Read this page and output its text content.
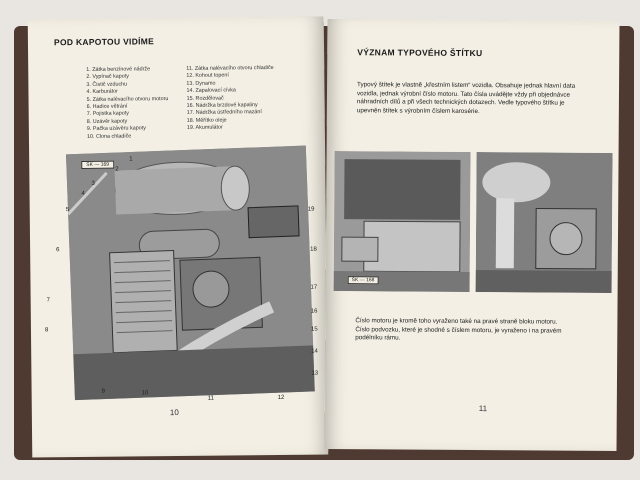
POD KAPOTOU VIDÍME
1. Zátka benzínové nádrže
2. Vypínač kapoty
3. Čistič vzduchu
4. Karburátor
5. Zátka nalévacího otvoru motoru
6. Hadice větrání
7. Pojistka kapoty
8. Uzávěr kapoty
9. Pačka uzávěru kapoty
10. Clona chladiče
11. Zátka nalévacího otvoru chladiče
12. Kohout topení
13. Dynamo
14. Zapalovací cívka
15. Rozdělovač
16. Nádržka brzdové kapaliny
17. Nádržka ústředního mazání
18. Měřítko oleje
19. Akumulátor
ŠK — 169
1
2
3
4
5
6
7
8
9	10
11	12
13
14
15
16
17
18
19
10
VÝZNAM TYPOVÉHO ŠTÍTKU

Typový štítek je vlastně „křestním listem“ vozidla. Obsahuje jednak hlavní data vozidla, jednak výrobní číslo motoru. Tato čísla uvádějte vždy při objednávce náhradních dílů a při všech technických dotazech. Vedle typového štítku je upevněn štítek s výrobním číslem karosérie.

ŠK — 168

Číslo motoru je kromě toho vyraženo také na pravé straně bloku motoru.
Číslo podvozku, které je shodné s číslem motoru, je vyraženo i na pravém podélníku rámu.

11
